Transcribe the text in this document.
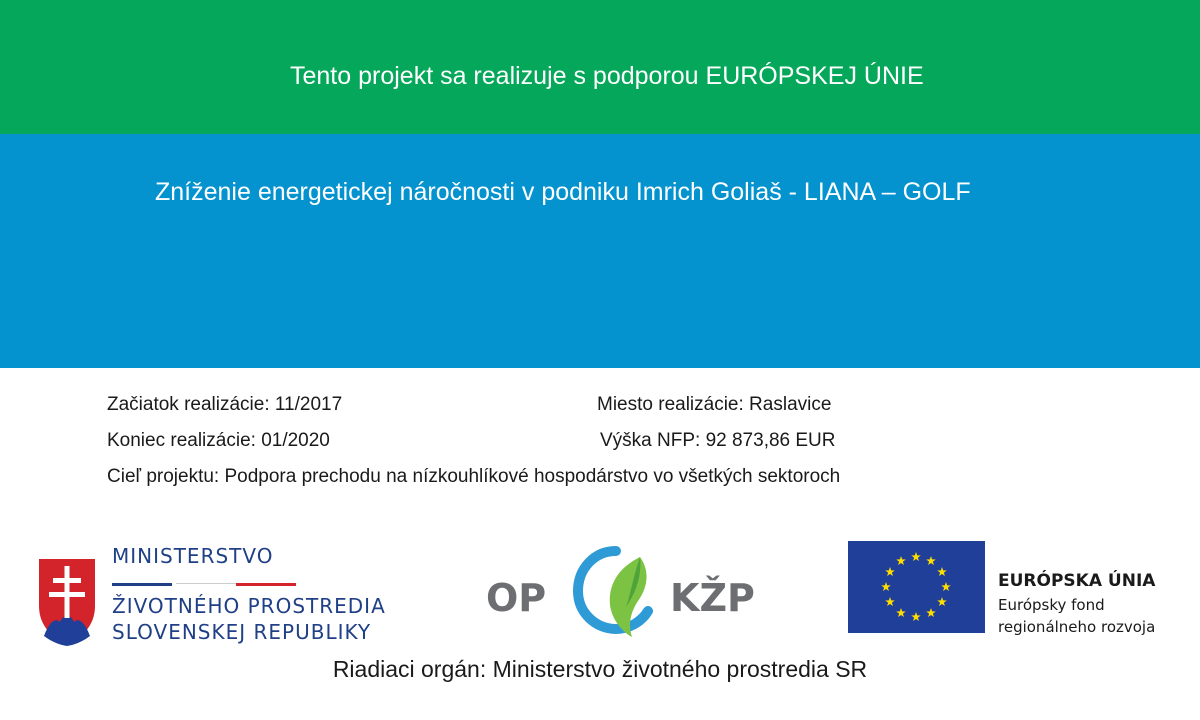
Tento projekt sa realizuje s podporou EURÓPSKEJ ÚNIE
Zníženie energetickej náročnosti v podniku Imrich Goliaš - LIANA – GOLF
Začiatok realizácie: 11/2017
Koniec realizácie: 01/2020
Miesto realizácie: Raslavice
Výška NFP: 92 873,86 EUR
Cieľ projektu: Podpora prechodu na nízkouhlíkové hospodárstvo vo všetkých sektoroch
MINISTERSTVO
ŽIVOTNÉHO PROSTREDIA
SLOVENSKEJ REPUBLIKY
OP	KŽP	EURÓPSKA ÚNIA
Európsky fond
regionálneho rozvoja
Riadiaci orgán: Ministerstvo životného prostredia SR
